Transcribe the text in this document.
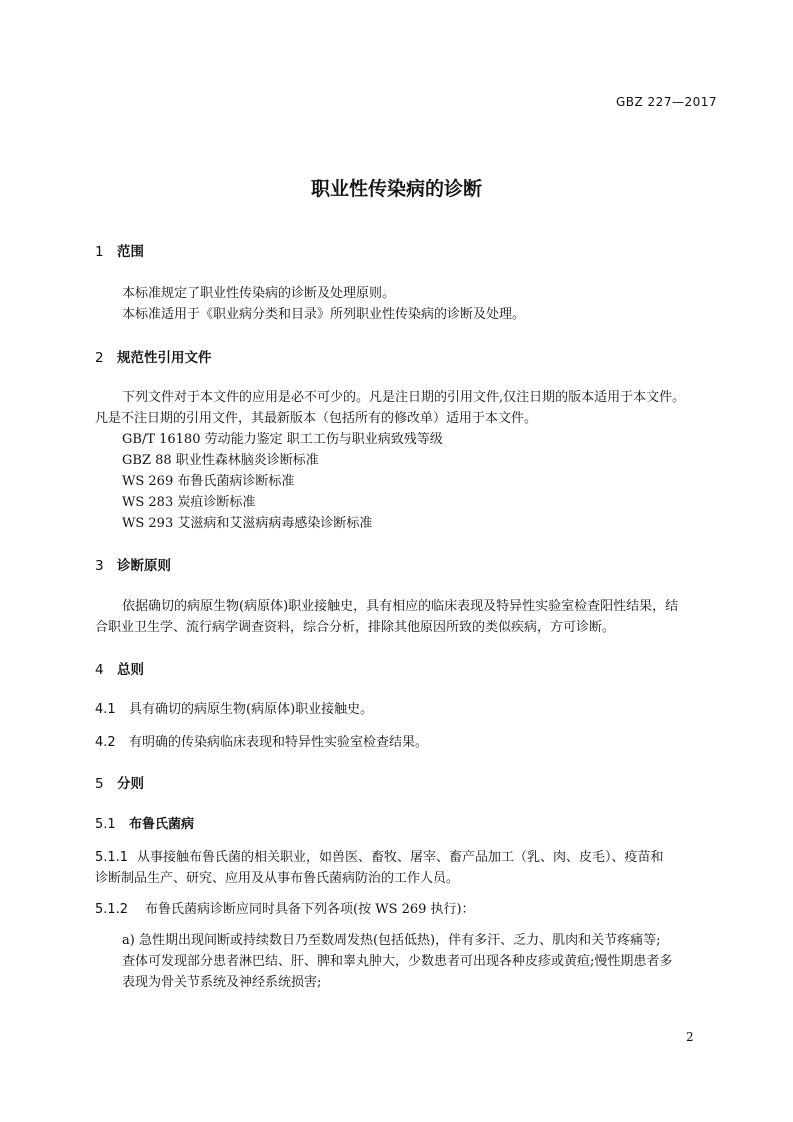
GBZ 227—2017
职业性传染病的诊断
1 范围
本标准规定了职业性传染病的诊断及处理原则。
本标准适用于《职业病分类和目录》所列职业性传染病的诊断及处理。
2 规范性引用文件
下列文件对于本文件的应用是必不可少的。凡是注日期的引用文件,仅注日期的版本适用于本文件。
凡是不注日期的引用文件，其最新版本（包括所有的修改单）适用于本文件。
GB/T 16180 劳动能力鉴定 职工工伤与职业病致残等级
GBZ 88 职业性森林脑炎诊断标准
WS 269 布鲁氏菌病诊断标准
WS 283 炭疽诊断标准
WS 293 艾滋病和艾滋病病毒感染诊断标准
3 诊断原则
依据确切的病原生物(病原体)职业接触史，具有相应的临床表现及特异性实验室检查阳性结果，结
合职业卫生学、流行病学调查资料，综合分析，排除其他原因所致的类似疾病，方可诊断。
4 总则
4.1 具有确切的病原生物(病原体)职业接触史。
4.2 有明确的传染病临床表现和特异性实验室检查结果。
5 分则
5.1 布鲁氏菌病
5.1.1 从事接触布鲁氏菌的相关职业，如兽医、畜牧、屠宰、畜产品加工（乳、肉、皮毛）、疫苗和
诊断制品生产、研究、应用及从事布鲁氏菌病防治的工作人员。
5.1.2 布鲁氏菌病诊断应同时具备下列各项(按 WS 269 执行)：
a) 急性期出现间断或持续数日乃至数周发热(包括低热)，伴有多汗、乏力、肌肉和关节疼痛等;
查体可发现部分患者淋巴结、肝、脾和睾丸肿大，少数患者可出现各种皮疹或黄疸;慢性期患者多
表现为骨关节系统及神经系统损害;
2
